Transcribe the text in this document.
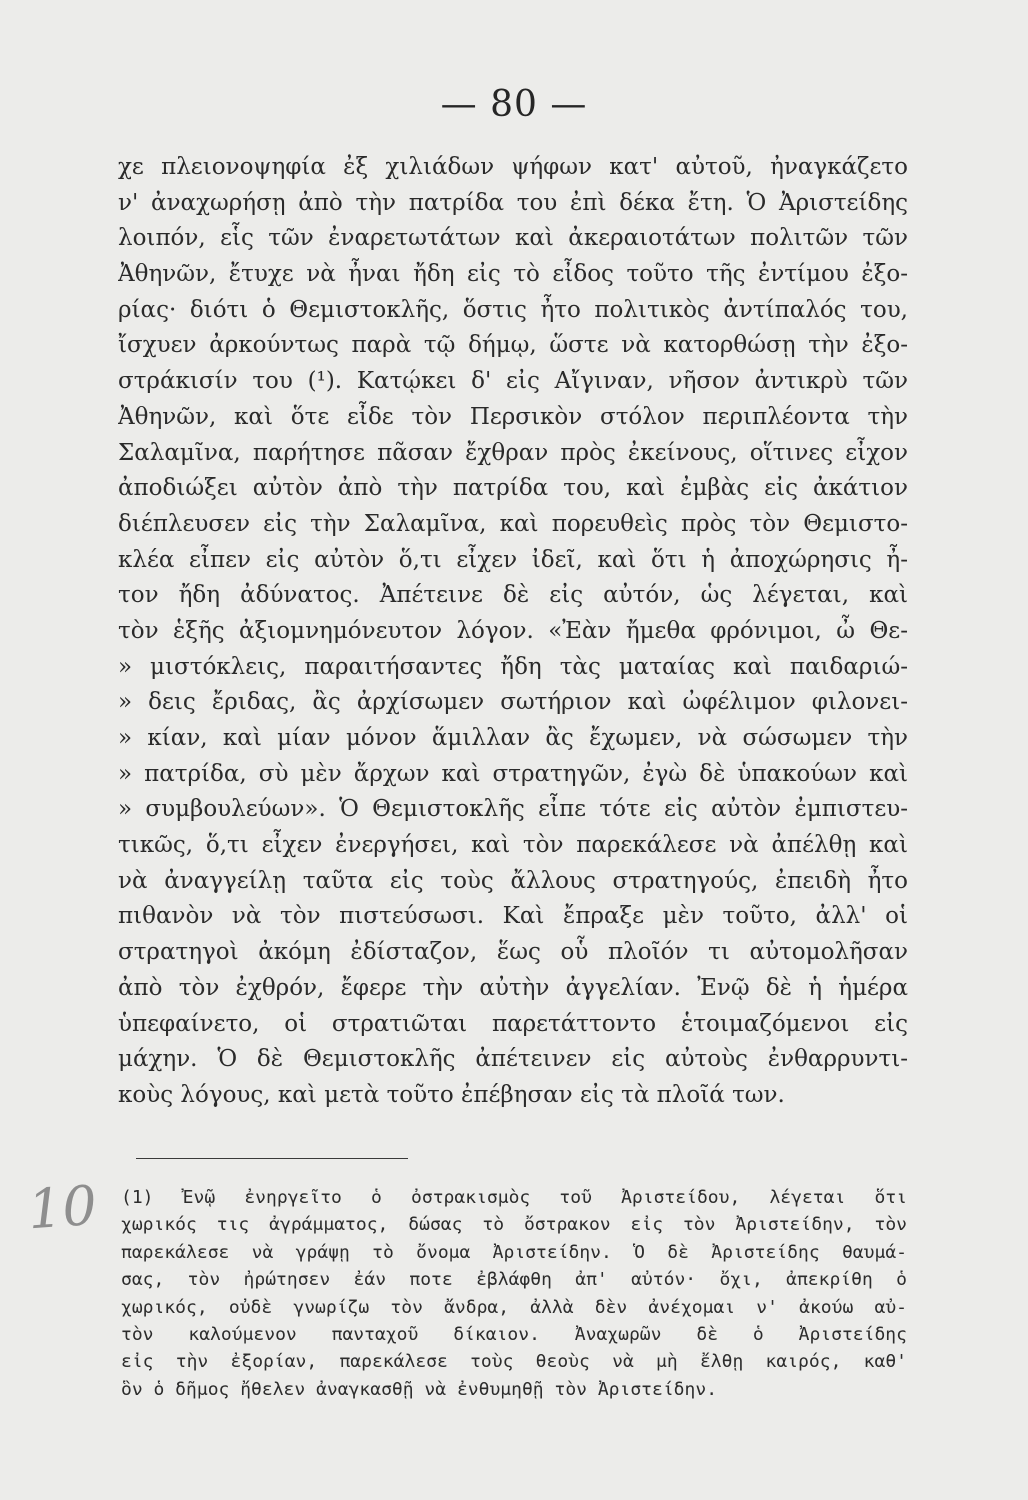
— 80 —
χε πλειονοψηφία ἐξ χιλιάδων ψήφων κατ' αὐτοῦ, ἠναγκάζετο
ν' ἀναχωρήσῃ ἀπὸ τὴν πατρίδα του ἐπὶ δέκα ἔτη. Ὁ Ἀριστείδης
λοιπόν, εἷς τῶν ἐναρετωτάτων καὶ ἀκεραιοτάτων πολιτῶν τῶν
Ἀθηνῶν, ἔτυχε νὰ ἦναι ἤδη εἰς τὸ εἶδος τοῦτο τῆς ἐντίμου ἐξο-
ρίας· διότι ὁ Θεμιστοκλῆς, ὅστις ἦτο πολιτικὸς ἀντίπαλός του,
ἴσχυεν ἀρκούντως παρὰ τῷ δήμῳ, ὥστε νὰ κατορθώσῃ τὴν ἐξο-
στράκισίν του (¹). Κατῴκει δ' εἰς Αἴγιναν, νῆσον ἀντικρὺ τῶν
Ἀθηνῶν, καὶ ὅτε εἶδε τὸν Περσικὸν στόλον περιπλέοντα τὴν
Σαλαμῖνα, παρήτησε πᾶσαν ἔχθραν πρὸς ἐκείνους, οἵτινες εἶχον
ἀποδιώξει αὐτὸν ἀπὸ τὴν πατρίδα του, καὶ ἐμβὰς εἰς ἀκάτιον
διέπλευσεν εἰς τὴν Σαλαμῖνα, καὶ πορευθεὶς πρὸς τὸν Θεμιστο-
κλέα εἶπεν εἰς αὐτὸν ὅ,τι εἶχεν ἰδεῖ, καὶ ὅτι ἡ ἀποχώρησις ἦ-
τον ἤδη ἀδύνατος. Ἀπέτεινε δὲ εἰς αὐτόν, ὡς λέγεται, καὶ
τὸν ἑξῆς ἀξιομνημόνευτον λόγον. «Ἐὰν ἤμεθα φρόνιμοι, ὦ Θε-
» μιστόκλεις, παραιτήσαντες ἤδη τὰς ματαίας καὶ παιδαριώ-
» δεις ἔριδας, ἂς ἀρχίσωμεν σωτήριον καὶ ὠφέλιμον φιλονει-
» κίαν, καὶ μίαν μόνον ἅμιλλαν ἂς ἔχωμεν, νὰ σώσωμεν τὴν
» πατρίδα, σὺ μὲν ἄρχων καὶ στρατηγῶν, ἐγὼ δὲ ὑπακούων καὶ
» συμβουλεύων». Ὁ Θεμιστοκλῆς εἶπε τότε εἰς αὐτὸν ἐμπιστευ-
τικῶς, ὅ,τι εἶχεν ἐνεργήσει, καὶ τὸν παρεκάλεσε νὰ ἀπέλθῃ καὶ
νὰ ἀναγγείλῃ ταῦτα εἰς τοὺς ἄλλους στρατηγούς, ἐπειδὴ ἦτο
πιθανὸν νὰ τὸν πιστεύσωσι. Καὶ ἔπραξε μὲν τοῦτο, ἀλλ' οἱ
στρατηγοὶ ἀκόμη ἐδίσταζον, ἕως οὗ πλοῖόν τι αὐτομολῆσαν
ἀπὸ τὸν ἐχθρόν, ἔφερε τὴν αὐτὴν ἀγγελίαν. Ἐνῷ δὲ ἡ ἡμέρα
ὑπεφαίνετο, οἱ στρατιῶται παρετάττοντο ἑτοιμαζόμενοι εἰς
μάχην. Ὁ δὲ Θεμιστοκλῆς ἀπέτεινεν εἰς αὐτοὺς ἐνθαρρυντι-
κοὺς λόγους, καὶ μετὰ τοῦτο ἐπέβησαν εἰς τὰ πλοῖά των.
10 (1) Ἐνῷ ἐνηργεῖτο ὁ ὀστρακισμὸς τοῦ Ἀριστείδου, λέγεται ὅτι
χωρικός τις ἀγράμματος, δώσας τὸ ὄστρακον εἰς τὸν Ἀριστείδην, τὸν
παρεκάλεσε νὰ γράψῃ τὸ ὄνομα Ἀριστείδην. Ὁ δὲ Ἀριστείδης θαυμά-
σας, τὸν ἠρώτησεν ἐάν ποτε ἐβλάφθη ἀπ' αὐτόν· ὄχι, ἀπεκρίθη ὁ
χωρικός, οὐδὲ γνωρίζω τὸν ἄνδρα, ἀλλὰ δὲν ἀνέχομαι ν' ἀκούω αὐ-
τὸν καλούμενον πανταχοῦ δίκαιον. Ἀναχωρῶν δὲ ὁ Ἀριστείδης
εἰς τὴν ἐξορίαν, παρεκάλεσε τοὺς θεοὺς νὰ μὴ ἔλθῃ καιρός, καθ'
ὃν ὁ δῆμος ἤθελεν ἀναγκασθῇ νὰ ἐνθυμηθῇ τὸν Ἀριστείδην.
